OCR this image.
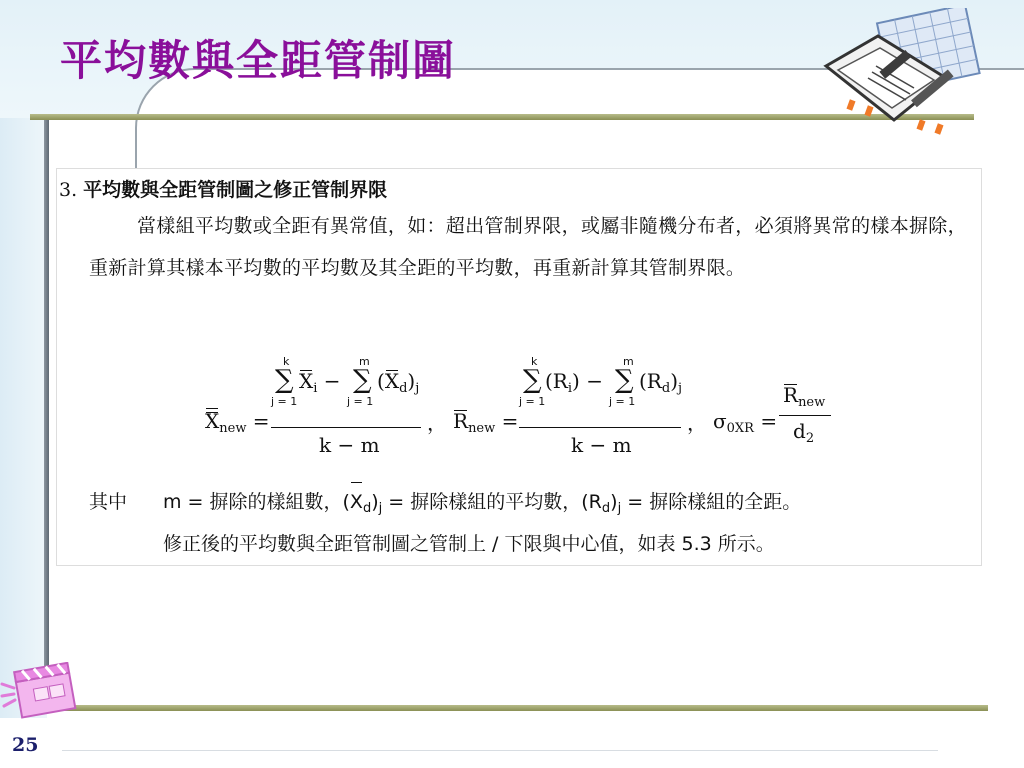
平均數與全距管制圖
25
3. 平均數與全距管制圖之修正管制界限

當樣組平均數或全距有異常值，如：超出管制界限，或屬非隨機分布者，必須將異常的樣本摒除，重新計算其樣本平均數的平均數及其全距的平均數，再重新計算其管制界限。

$X_{new}$ =
k
∑
j = 1
$X_i$ −
m
∑
j = 1
$(X_d)_j$
k − m
， $R_{new}$ =
k
∑
j = 1
$(R_i)$ −
m
∑
j = 1
$(R_d)_j$
k − m
， $\sigma_{0XR}$ =
$R_{new}$
$d_2$
其中 m = 摒除的樣組數，$(X_d)_j$ = 摒除樣組的平均數，$(R_d)_j$ = 摒除樣組的全距。
修正後的平均數與全距管制圖之管制上 / 下限與中心值，如表 5.3 所示。
